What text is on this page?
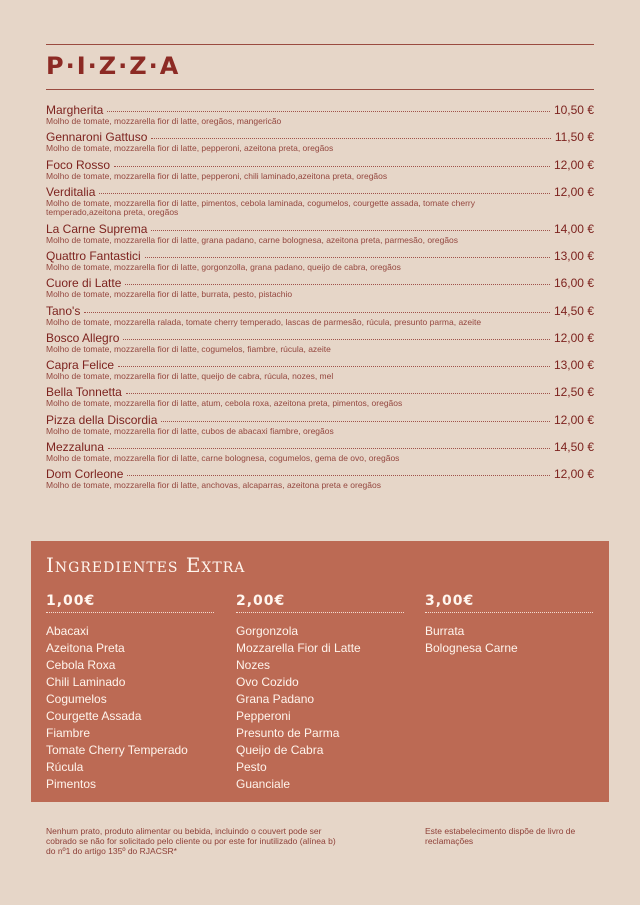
P·I·Z·Z·A
Margherita	10,50 €
Molho de tomate, mozzarella fior di latte, oregãos, mangericão
Gennaroni Gattuso	11,50 €
Molho de tomate, mozzarella fior di latte, pepperoni, azeitona preta, oregãos
Foco Rosso	12,00 €
Molho de tomate, mozzarella fior di latte, pepperoni, chili laminado,azeitona preta, oregãos
Verditalia	12,00 €
Molho de tomate, mozzarella fior di latte, pimentos, cebola laminada, cogumelos, courgette assada, tomate cherry temperado,azeitona preta, oregãos
La Carne Suprema	14,00 €
Molho de tomate, mozzarella fior di latte, grana padano, carne bolognesa, azeitona preta, parmesão, oregãos
Quattro Fantastici	13,00 €
Molho de tomate, mozzarella fior di latte, gorgonzolla, grana padano, queijo de cabra, oregãos
Cuore di Latte	16,00 €
Molho de tomate, mozzarella fior di latte, burrata, pesto, pistachio
Tano's	14,50 €
Molho de tomate, mozzarella ralada, tomate cherry temperado, lascas de parmesão, rúcula, presunto parma, azeite
Bosco Allegro	12,00 €
Molho de tomate, mozzarella fior di latte, cogumelos, fiambre, rúcula, azeite
Capra Felice	13,00 €
Molho de tomate, mozzarella fior di latte, queijo de cabra, rúcula, nozes, mel
Bella Tonnetta	12,50 €
Molho de tomate, mozzarella fior di latte, atum, cebola roxa, azeitona preta, pimentos, oregãos
Pizza della Discordia	12,00 €
Molho de tomate, mozzarella fior di latte, cubos de abacaxi fiambre, oregãos
Mezzaluna	14,50 €
Molho de tomate, mozzarella fior di latte, carne bolognesa, cogumelos, gema de ovo, oregãos
Dom Corleone	12,00 €
Molho de tomate, mozzarella fior di latte, anchovas, alcaparras, azeitona preta e oregãos
Ingredientes Extra
1,00€
Abacaxi
Azeitona Preta
Cebola Roxa
Chili Laminado
Cogumelos
Courgette Assada
Fiambre
Tomate Cherry Temperado
Rúcula
Pimentos
2,00€
Gorgonzola
Mozzarella Fior di Latte
Nozes
Ovo Cozido
Grana Padano
Pepperoni
Presunto de Parma
Queijo de Cabra
Pesto
Guanciale
3,00€
Burrata
Bolognesa Carne
Nenhum prato, produto alimentar ou bebida, incluindo o couvert pode ser cobrado se não for solicitado pelo cliente ou por este for inutilizado (alínea b) do nº1 do artigo 135º do RJACSR*
Este estabelecimento dispõe de livro de reclamações
